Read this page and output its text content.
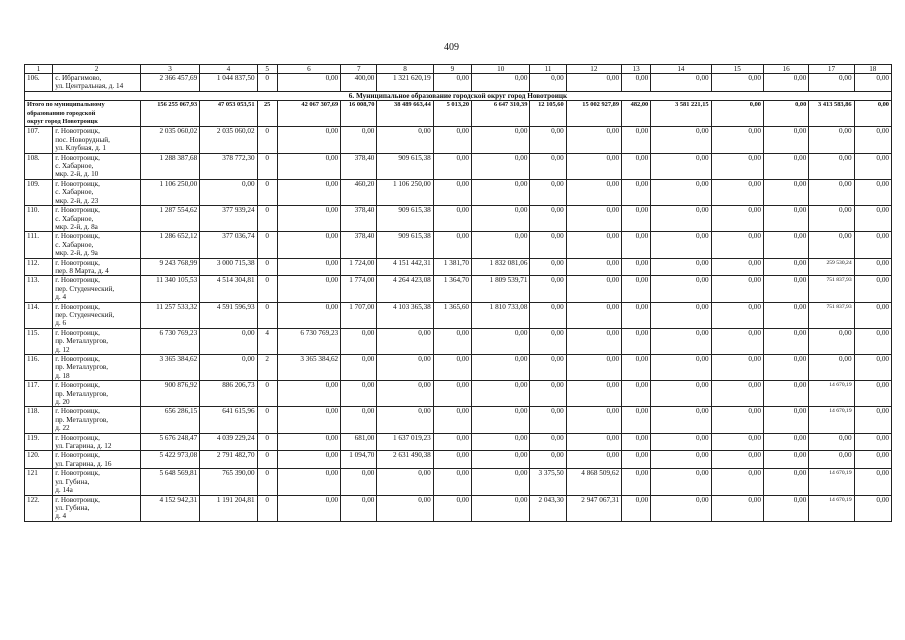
409
1	2	3	4	5	6	7	8	9	10	11	12	13	14	15	16	17	18
106.	с. Ибрагимово,
ул. Центральная, д. 14	2 366 457,69	1 044 837,50	0	0,00	400,00	1 321 620,19	0,00	0,00	0,00	0,00	0,00	0,00	0,00	0,00	0,00	0,00
6. Муниципальное образование городской округ город Новотроицк																	

Итого по муниципальному
образованию городской
округ город Новотроицк		156 255 067,93	47 053 053,51	25	42 067 307,69	16 008,70	38 489 663,44	5 013,20	6 647 310,39	12 105,60	15 002 927,89	482,00	3 581 221,15	0,00	0,00	3 413 583,86	0,00
107.	г. Новотроицк,
пос. Новорудный,
ул. Клубная, д. 1	2 035 060,02	2 035 060,02	0	0,00	0,00	0,00	0,00	0,00	0,00	0,00	0,00	0,00	0,00	0,00	0,00	0,00
108.	г. Новотроицк,
с. Хабарное,
мкр. 2-й, д. 10	1 288 387,68	378 772,30	0	0,00	378,40	909 615,38	0,00	0,00	0,00	0,00	0,00	0,00	0,00	0,00	0,00	0,00
109.	г. Новотроицк,
с. Хабарное,
мкр. 2-й, д. 23	1 106 250,00	0,00	0	0,00	460,20	1 106 250,00	0,00	0,00	0,00	0,00	0,00	0,00	0,00	0,00	0,00	0,00
110.	г. Новотроицк,
с. Хабарное,
мкр. 2-й, д. 8а	1 287 554,62	377 939,24	0	0,00	378,40	909 615,38	0,00	0,00	0,00	0,00	0,00	0,00	0,00	0,00	0,00	0,00
111.	г. Новотроицк,
с. Хабарное,
мкр. 2-й, д. 9а	1 286 652,12	377 036,74	0	0,00	378,40	909 615,38	0,00	0,00	0,00	0,00	0,00	0,00	0,00	0,00	0,00	0,00
112.	г. Новотроицк,
пер. 8 Марта, д. 4	9 243 768,99	3 000 715,38	0	0,00	1 724,00	4 151 442,31	1 381,70	1 832 081,06	0,00	0,00	0,00	0,00	0,00	0,00	259 530,24	0,00
113.	г. Новотроицк,
пер. Студенческий,
д. 4	11 340 105,53	4 514 304,81	0	0,00	1 774,00	4 264 423,08	1 364,70	1 809 539,71	0,00	0,00	0,00	0,00	0,00	0,00	751 837,93	0,00
114.	г. Новотроицк,
пер. Студенческий,
д. 6	11 257 533,32	4 591 596,93	0	0,00	1 707,00	4 103 365,38	1 365,60	1 810 733,08	0,00	0,00	0,00	0,00	0,00	0,00	751 837,93	0,00
115.	г. Новотроицк,
пр. Металлургов,
д. 12	6 730 769,23	0,00	4	6 730 769,23	0,00	0,00	0,00	0,00	0,00	0,00	0,00	0,00	0,00	0,00	0,00	0,00
116.	г. Новотроицк,
пр. Металлургов,
д. 18	3 365 384,62	0,00	2	3 365 384,62	0,00	0,00	0,00	0,00	0,00	0,00	0,00	0,00	0,00	0,00	0,00	0,00
117.	г. Новотроицк,
пр. Металлургов,
д. 20	900 876,92	886 206,73	0	0,00	0,00	0,00	0,00	0,00	0,00	0,00	0,00	0,00	0,00	0,00	14 670,19	0,00
118.	г. Новотроицк,
пр. Металлургов,
д. 22	656 286,15	641 615,96	0	0,00	0,00	0,00	0,00	0,00	0,00	0,00	0,00	0,00	0,00	0,00	14 670,19	0,00
119.	г. Новотроицк,
ул. Гагарина, д. 12	5 676 248,47	4 039 229,24	0	0,00	681,00	1 637 019,23	0,00	0,00	0,00	0,00	0,00	0,00	0,00	0,00	0,00	0,00
120.	г. Новотроицк,
ул. Гагарина, д. 16	5 422 973,08	2 791 482,70	0	0,00	1 094,70	2 631 490,38	0,00	0,00	0,00	0,00	0,00	0,00	0,00	0,00	0,00	0,00
121	г. Новотроицк,
ул. Губина,
д. 14а	5 648 569,81	765 390,00	0	0,00	0,00	0,00	0,00	0,00	3 375,50	4 868 509,62	0,00	0,00	0,00	0,00	14 670,19	0,00
122.	г. Новотроицк,
ул. Губина,
д. 4	4 152 942,31	1 191 204,81	0	0,00	0,00	0,00	0,00	0,00	2 043,30	2 947 067,31	0,00	0,00	0,00	0,00	14 670,19	0,00
